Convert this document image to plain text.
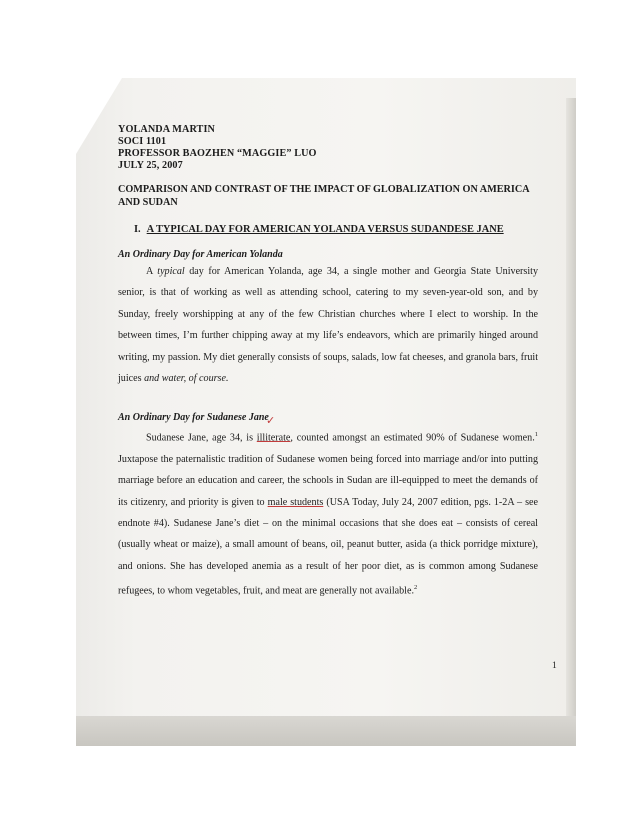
YOLANDA MARTIN
SOCI 1101
PROFESSOR BAOZHEN “MAGGIE” LUO
JULY 25, 2007
COMPARISON AND CONTRAST OF THE IMPACT OF GLOBALIZATION ON AMERICA AND SUDAN
I. A TYPICAL DAY FOR AMERICAN YOLANDA VERSUS SUDANDESE JANE
An Ordinary Day for American Yolanda
A typical day for American Yolanda, age 34, a single mother and Georgia State University senior, is that of working as well as attending school, catering to my seven-year-old son, and by Sunday, freely worshipping at any of the few Christian churches where I elect to worship. In the between times, I’m further chipping away at my life’s endeavors, which are primarily hinged around writing, my passion. My diet generally consists of soups, salads, low fat cheeses, and granola bars, fruit juices and water, of course.
An Ordinary Day for Sudanese Jane
✓
Sudanese Jane, age 34, is illiterate, counted amongst an estimated 90% of Sudanese women.$^1$ Juxtapose the paternalistic tradition of Sudanese women being forced into marriage and/or into putting marriage before an education and career, the schools in Sudan are ill-equipped to meet the demands of its citizenry, and priority is given to male students (USA Today, July 24, 2007 edition, pgs. 1-2A – see endnote #4). Sudanese Jane’s diet – on the minimal occasions that she does eat – consists of cereal (usually wheat or maize), a small amount of beans, oil, peanut butter, asida (a thick porridge mixture), and onions. She has developed anemia as a result of her poor diet, as is common among Sudanese refugees, to whom vegetables, fruit, and meat are generally not available.$^2$
1
